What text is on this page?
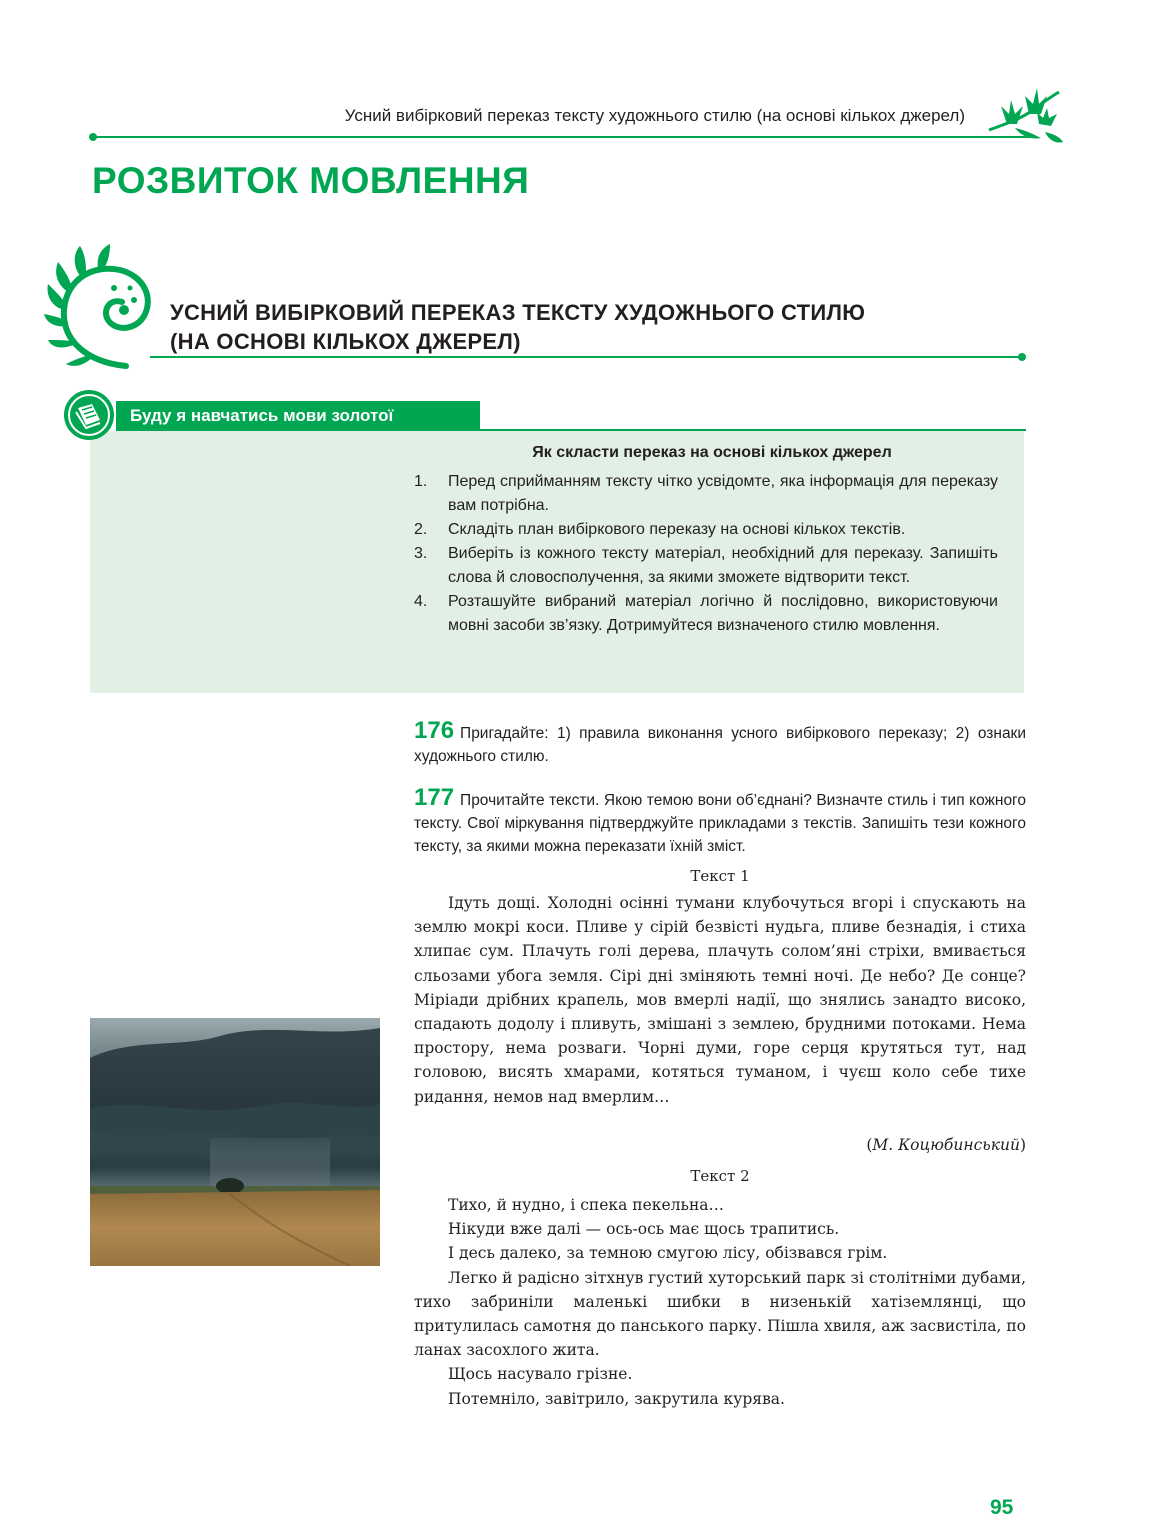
Усний вибірковий переказ тексту художнього стилю (на основі кількох джерел)
РОЗВИТОК МОВЛЕННЯ
УСНИЙ ВИБІРКОВИЙ ПЕРЕКАЗ ТЕКСТУ ХУДОЖНЬОГО СТИЛЮ
(НА ОСНОВІ КІЛЬКОХ ДЖЕРЕЛ)
Буду я навчатись мови золотої
Як скласти переказ на основі кількох джерел
1. Перед сприйманням тексту чітко усвідомте, яка інформація для переказу вам потрібна.
2. Складіть план вибіркового переказу на основі кількох текстів.
3. Виберіть із кожного тексту матеріал, необхідний для переказу. Запишіть слова й словосполучення, за якими зможете відтворити текст.
4. Розташуйте вибраний матеріал логічно й послідовно, використовуючи мовні засоби зв’язку. Дотримуйтеся визначеного стилю мовлення.
176 Пригадайте: 1) правила виконання усного вибіркового переказу; 2) ознаки художнього стилю.
177 Прочитайте тексти. Якою темою вони об’єднані? Визначте стиль і тип кожного тексту. Свої міркування підтверджуйте прикладами з текстів. Запишіть тези кожного тексту, за якими можна переказати їхній зміст.
Текст 1

Ідуть дощі. Холодні осінні тумани клубочуться вгорі і спускають на землю мокрі коси. Пливе у сірій безвісті нудьга, пливе безнадія, і стиха хлипає сум. Плачуть голі дерева, плачуть солом’яні стріхи, вмивається сльозами убога земля. Сірі дні зміняють темні ночі. Де небо? Де сонце? Міріади дрібних крапель, мов вмерлі надії, що знялись занадто високо, спадають додолу і пливуть, змішані з землею, брудними потоками. Нема простору, нема розваги. Чорні думи, горе серця крутяться тут, над головою, висять хмарами, котяться туманом, і чуєш коло себе тихе ридання, немов над вмерлим…

(М. Коцюбинський)
Текст 2

Тихо, й нудно, і спека пекельна…

Нікуди вже далі — ось-ось має щось трапитись.

І десь далеко, за темною смугою лісу, обізвався грім.

Легко й радісно зітхнув густий хуторський парк зі столітніми дубами, тихо забриніли маленькі шибки в низенькій хатіземлянці, що притулилась самотня до панського парку. Пішла хвиля, аж засвистіла, по ланах засохлого жита.

Щось насувало грізне.

Потемніло, завітрило, закрутила курява.

95
